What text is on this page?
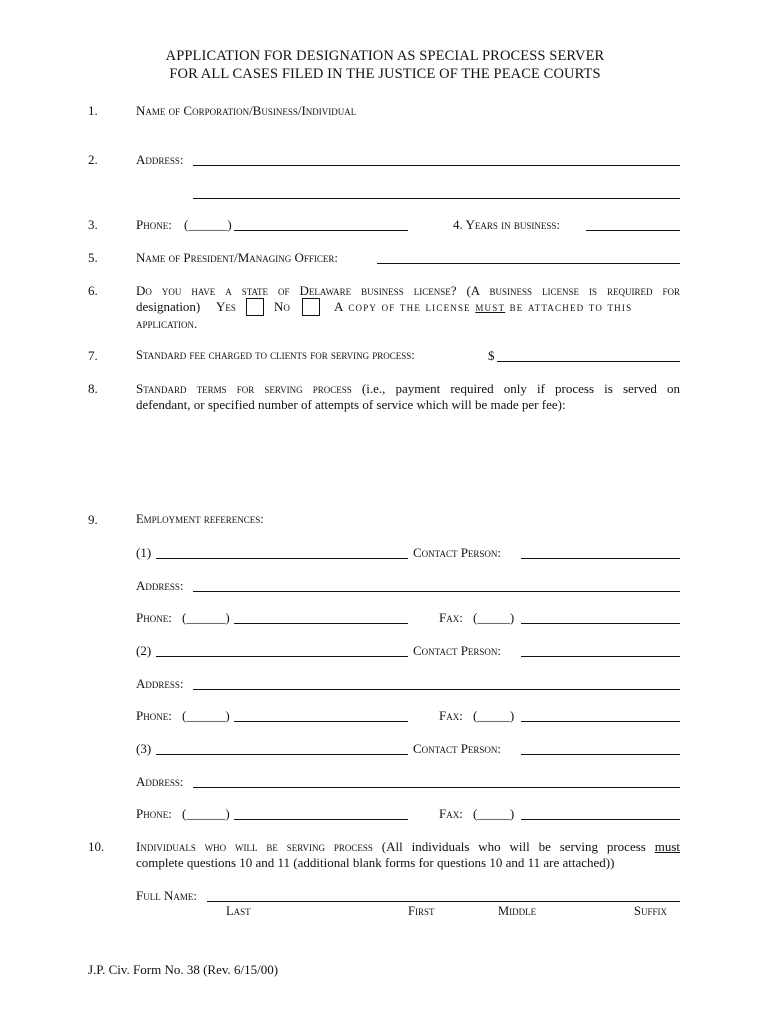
APPLICATION FOR DESIGNATION AS SPECIAL PROCESS SERVER
FOR ALL CASES FILED IN THE JUSTICE OF THE PEACE COURTS
1.	Name of Corporation/Business/Individual
2.	Address:
3.	Phone: (______)	4. Years in business:
5.	Name of President/Managing Officer:
6.	Do you have a state of Delaware business license? (A business license is required for
designation) Yes	No	A copy of the license must be attached to this
application.
7.	Standard fee charged to clients for serving process:	$
8.	Standard terms for serving process (i.e., payment required only if process is served on
defendant, or specified number of attempts of service which will be made per fee):
9.	Employment references:
(1)	Contact Person:
Address:
Phone: (______)	Fax: (_____)
(2)	Contact Person:
Address:
Phone: (______)	Fax: (_____)
(3)	Contact Person:
Address:
Phone: (______)	Fax: (_____)
10. Individuals who will be serving process (All individuals who will be serving process must
complete questions 10 and 11 (additional blank forms for questions 10 and 11 are attached))
Full Name:
Last	First	Middle	Suffix
J.P. Civ. Form No. 38 (Rev. 6/15/00)
